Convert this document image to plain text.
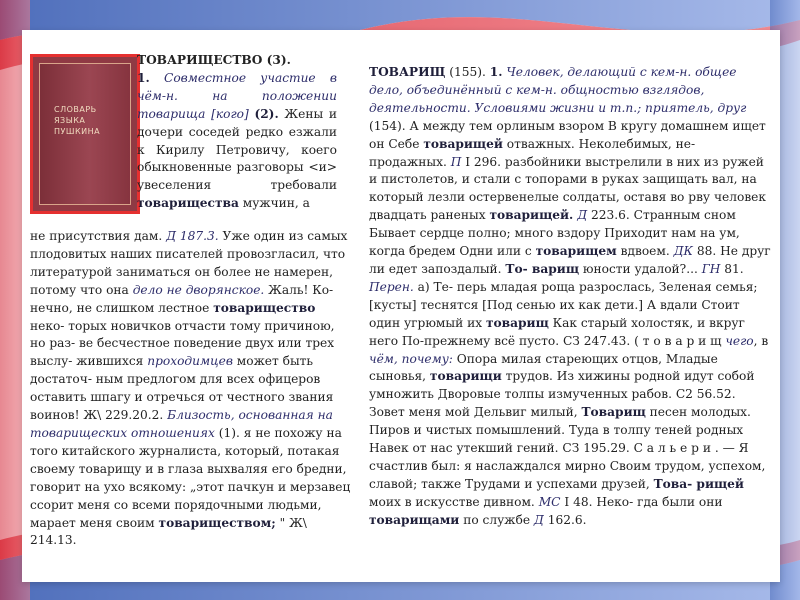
СЛОВАРЬ
ЯЗЫКА
ПУШКИНА
ТОВАРИЩЕСТВО (3).
1. Совместное участие в чём-н. на положении товарища [кого] (2). Жены и дочери соседей редко езжали к Кирилу Петровичу, коего обыкновенные разговоры <и> увеселения требовали товарищества мужчин, а
не присутствия дам. Д 187.3. Уже один из самых плодовитых наших писателей провозгласил, что литературой заниматься он более не намерен, потому что она дело не дворянское. Жаль! Ко- нечно, не слишком лестное товарищество неко- торых новичков отчасти тому причиною, но раз- ве бесчестное поведение двух или трех выслу- жившихся проходимцев может быть достаточ- ным предлогом для всех офицеров оставить шпагу и отречься от честного звания воинов! Ж\ 229.20.2. Близость, основанная на товарищеских отношениях (1). я не похожу на того китайского журналиста, который, потакая своему товарищу и в глаза выхваляя его бредни, говорит на ухо всякому: „этот пачкун и мерзавец ссорит меня со всеми порядочными людьми, марает меня своим товариществом; " Ж\ 214.13.
ТОВАРИЩ (155). 1. Человек, делающий с кем-н. общее дело, объединённый с кем-н. общностью взглядов, деятельности. Условиями жизни и т.п.; приятель, друг (154). А между тем орлиным взором В кругу домашнем ищет он Себе товарищей отважных. Неколебимых, не- продажных. П I 296. разбойники выстрелили в них из ружей и пистолетов, и стали с топорами в руках защищать вал, на который лезли остервенелые солдаты, оставя во рву человек двадцать раненых товарищей. Д 223.6. Странным сном Бывает сердце полно; много вздору Приходит нам на ум, когда бредем Одни или с товарищем вдвоем. ДК 88. Не друг ли едет запоздалый. То- варищ юности удалой?... ГН 81. Перен. а) Те- перь младая роща разрослась, Зеленая семья; [кусты] теснятся [Под сенью их как дети.] А вдали Стоит один угрюмый их товарищ Как старый холостяк, и вкруг него По-прежнему всё пусто. СЗ 247.43. ( т о в а р и щ чего, в чём, почему: Опора милая стареющих отцов, Младые сыновья, товарищи трудов. Из хижины родной идут собой умножить Дворовые толпы измученных рабов. С2 56.52. Зовет меня мой Дельвиг милый, Товарищ песен молодых. Пиров и чистых помышлений. Туда в толпу теней родных Навек от нас утекший гений. СЗ 195.29. С а л ь е р и . — Я счастлив был: я наслаждался мирно Своим трудом, успехом, славой; также Трудами и успехами друзей, Това- рищей моих в искусстве дивном. МС I 48. Неко- гда были они товарищами по службе Д 162.6.
